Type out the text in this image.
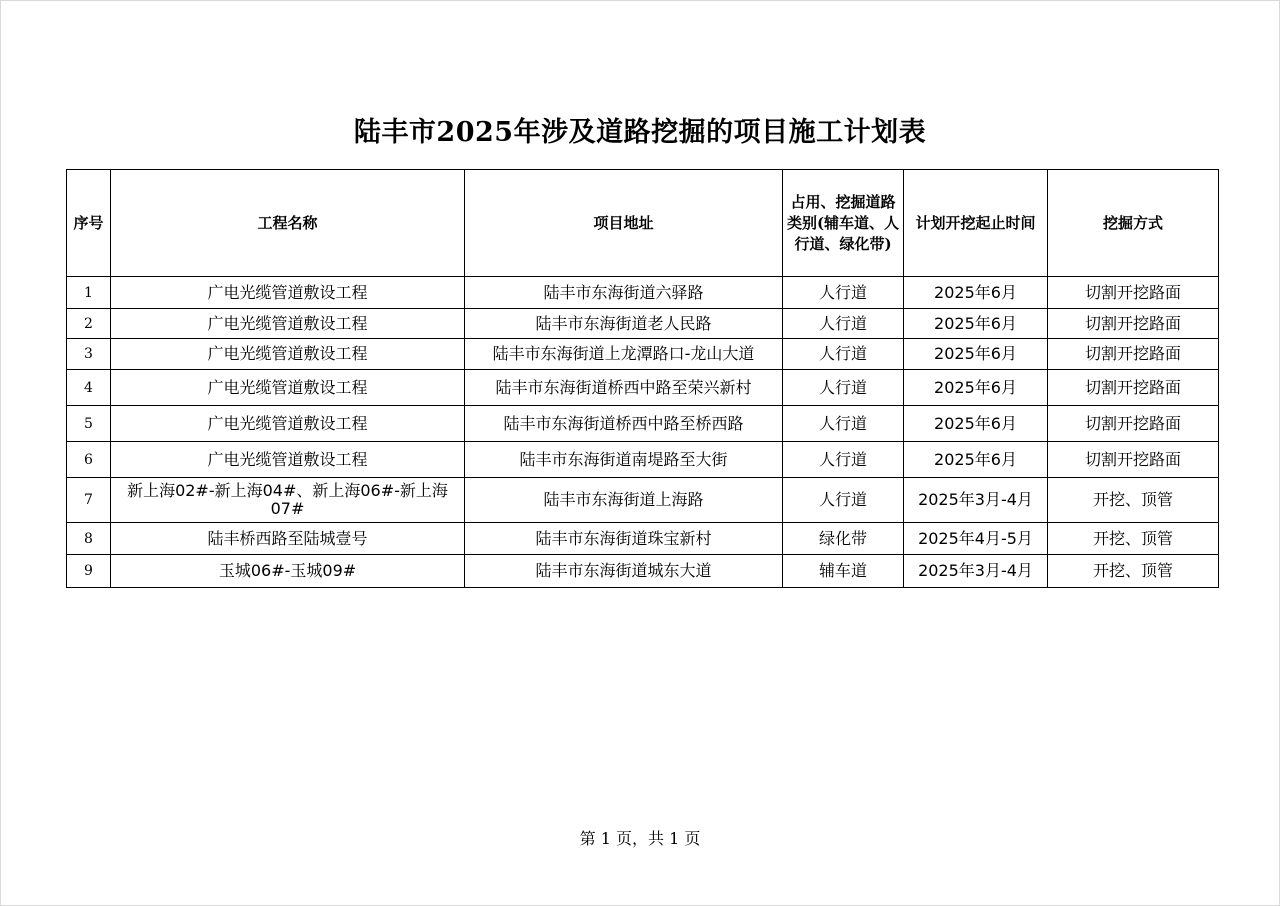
陆丰市2025年涉及道路挖掘的项目施工计划表
序号	工程名称	项目地址	占用、挖掘道路类别(辅车道、人行道、绿化带)	计划开挖起止时间	挖掘方式
1	广电光缆管道敷设工程	陆丰市东海街道六驿路	人行道	2025年6月	切割开挖路面
2	广电光缆管道敷设工程	陆丰市东海街道老人民路	人行道	2025年6月	切割开挖路面
3	广电光缆管道敷设工程	陆丰市东海街道上龙潭路口-龙山大道	人行道	2025年6月	切割开挖路面
4	广电光缆管道敷设工程	陆丰市东海街道桥西中路至荣兴新村	人行道	2025年6月	切割开挖路面
5	广电光缆管道敷设工程	陆丰市东海街道桥西中路至桥西路	人行道	2025年6月	切割开挖路面
6	广电光缆管道敷设工程	陆丰市东海街道南堤路至大街	人行道	2025年6月	切割开挖路面
7	新上海02#-新上海04#、新上海06#-新上海07#	陆丰市东海街道上海路	人行道	2025年3月-4月	开挖、顶管
8	陆丰桥西路至陆城壹号	陆丰市东海街道珠宝新村	绿化带	2025年4月-5月	开挖、顶管
9	玉城06#-玉城09#	陆丰市东海街道城东大道	辅车道	2025年3月-4月	开挖、顶管
第 1 页，共 1 页
